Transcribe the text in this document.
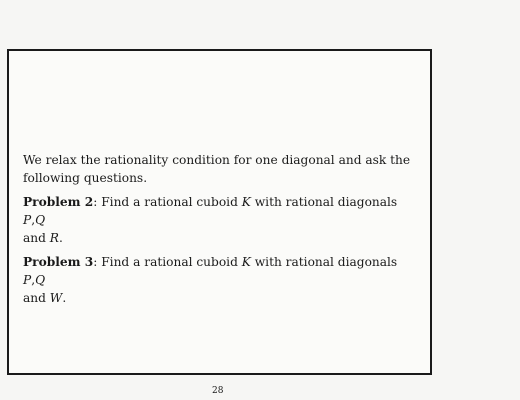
We relax the rationality condition for one diagonal and ask the
following questions.

Problem 2: Find a rational cuboid K with rational diagonals P,Q
and R.

Problem 3: Find a rational cuboid K with rational diagonals P,Q
and W.

28
